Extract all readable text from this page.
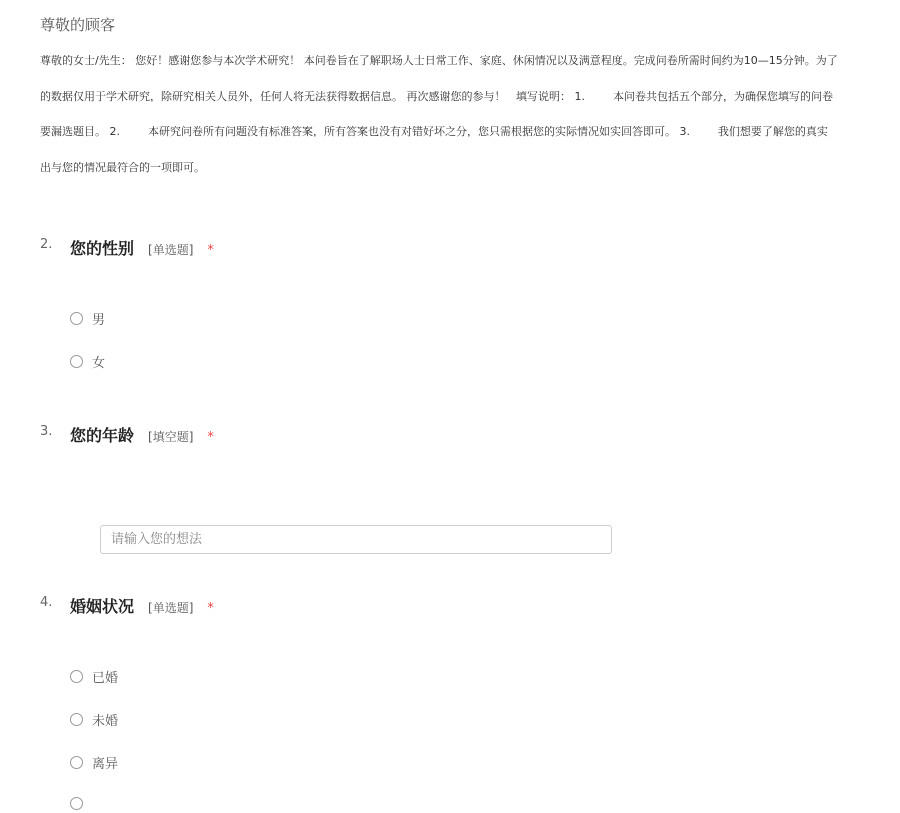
尊敬的顾客
尊敬的女士/先生： 您好！感谢您参与本次学术研究！ 本问卷旨在了解职场人士日常工作、家庭、休闲情况以及满意程度。完成问卷所需时间约为10—15分钟。为了
的数据仅用于学术研究，除研究相关人员外，任何人将无法获得数据信息。 再次感谢您的参与！   填写说明： 1.        本问卷共包括五个部分，为确保您填写的问卷
要漏选题目。 2.        本研究问卷所有问题没有标准答案，所有答案也没有对错好坏之分，您只需根据您的实际情况如实回答即可。 3.        我们想要了解您的真实
出与您的情况最符合的一项即可。
2. 您的性别 [单选题] *
男
女
3. 您的年龄 [填空题] *
请输入您的想法
4. 婚姻状况 [单选题] *
已婚
未婚
离异
